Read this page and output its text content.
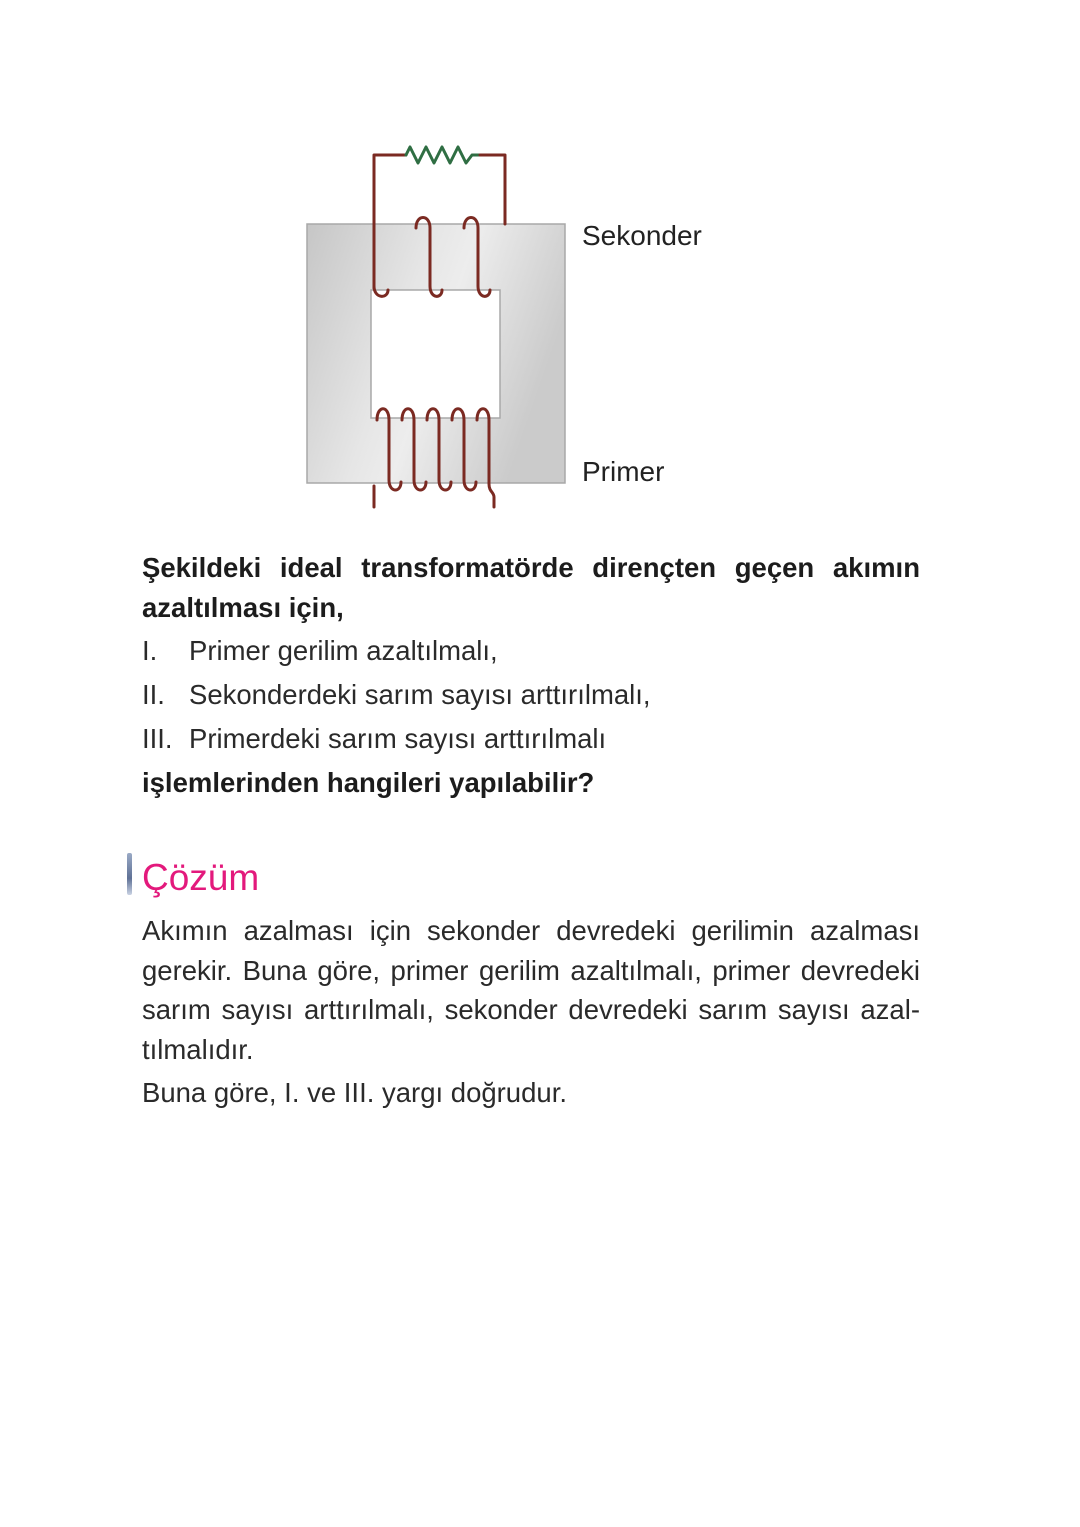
Sekonder
Primer
Şekildeki ideal transformatörde dirençten geçen akımın
azaltılması için,
I.	Primer gerilim azaltılmalı,
II. Sekonderdeki sarım sayısı arttırılmalı,
III. Primerdeki sarım sayısı arttırılmalı
işlemlerinden hangileri yapılabilir?
Çözüm
Akımın azalması için sekonder devredeki gerilimin azalması
gerekir. Buna göre, primer gerilim azaltılmalı, primer devredeki
sarım sayısı arttırılmalı, sekonder devredeki sarım sayısı azal-
tılmalıdır.
Buna göre, I. ve III. yargı doğrudur.
